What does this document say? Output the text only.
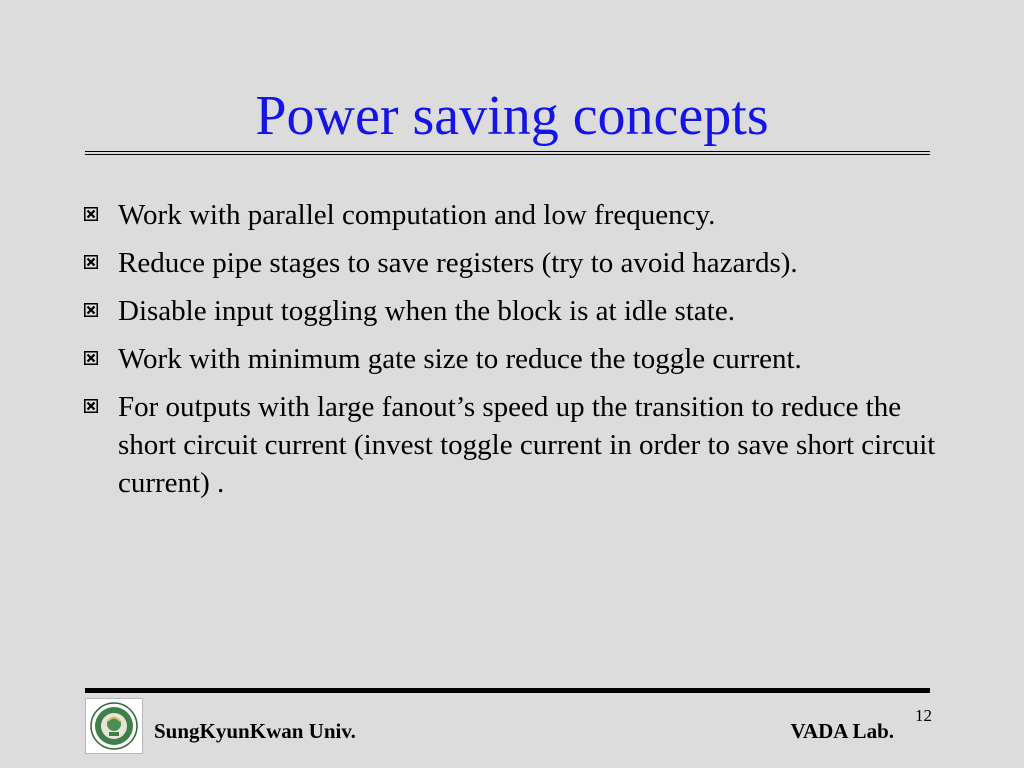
Power saving concepts
Work with parallel computation and low frequency.
Reduce pipe stages to save registers (try to avoid hazards).
Disable input toggling when the block is at idle state.
Work with minimum gate size to reduce the toggle current.
For outputs with large fanout’s speed up the transition to reduce the short circuit current (invest toggle current in order to save short circuit current) .
SungKyunKwan Univ.	VADA Lab.
12
